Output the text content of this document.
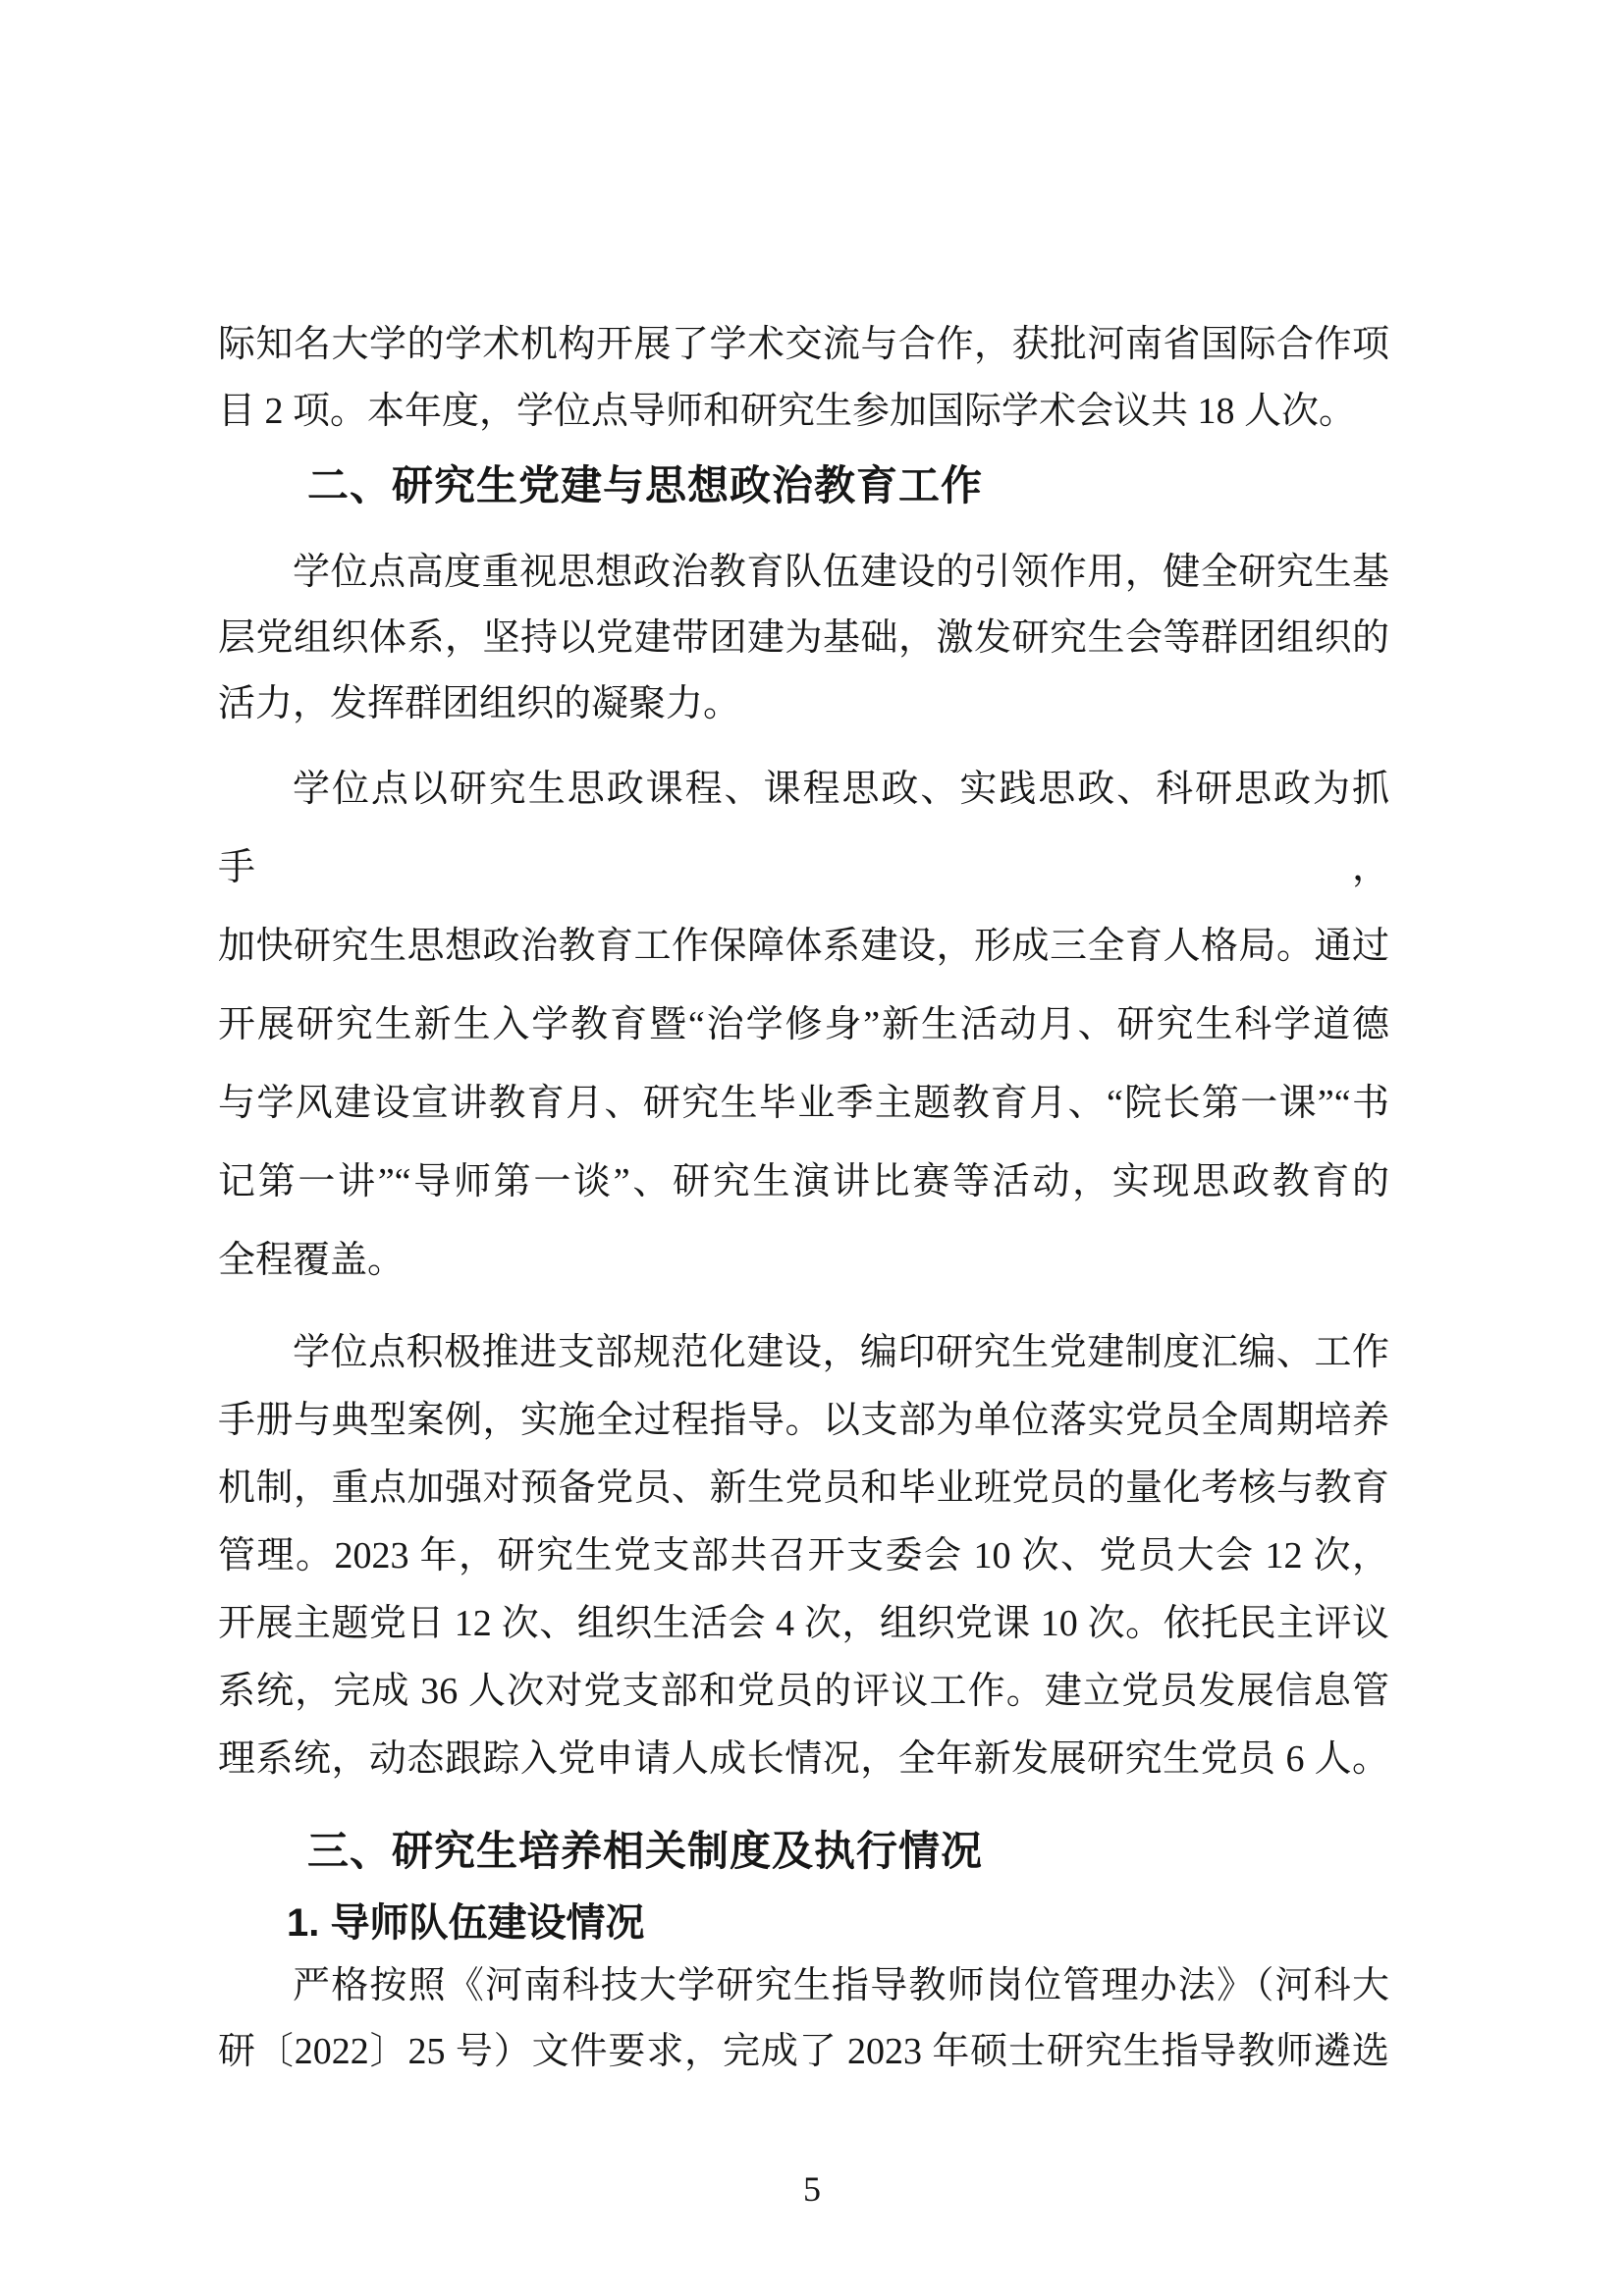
际知名大学的学术机构开展了学术交流与合作，获批河南省国际合作项
目 2 项。本年度，学位点导师和研究生参加国际学术会议共 18 人次。
二、研究生党建与思想政治教育工作
学位点高度重视思想政治教育队伍建设的引领作用，健全研究生基
层党组织体系，坚持以党建带团建为基础，激发研究生会等群团组织的
活力，发挥群团组织的凝聚力。
学位点以研究生思政课程、课程思政、实践思政、科研思政为抓手，
加快研究生思想政治教育工作保障体系建设，形成三全育人格局。通过
开展研究生新生入学教育暨“治学修身”新生活动月、研究生科学道德
与学风建设宣讲教育月、研究生毕业季主题教育月、“院长第一课”“书
记第一讲”“导师第一谈”、研究生演讲比赛等活动，实现思政教育的
全程覆盖。
学位点积极推进支部规范化建设，编印研究生党建制度汇编、工作
手册与典型案例，实施全过程指导。以支部为单位落实党员全周期培养
机制，重点加强对预备党员、新生党员和毕业班党员的量化考核与教育
管理。2023 年，研究生党支部共召开支委会 10 次、党员大会 12 次，
开展主题党日 12 次、组织生活会 4 次，组织党课 10 次。依托民主评议
系统，完成 36 人次对党支部和党员的评议工作。建立党员发展信息管
理系统，动态跟踪入党申请人成长情况，全年新发展研究生党员 6 人。
三、研究生培养相关制度及执行情况
1. 导师队伍建设情况
严格按照《河南科技大学研究生指导教师岗位管理办法》（河科大
研〔2022〕25 号）文件要求，完成了 2023 年硕士研究生指导教师遴选
5
